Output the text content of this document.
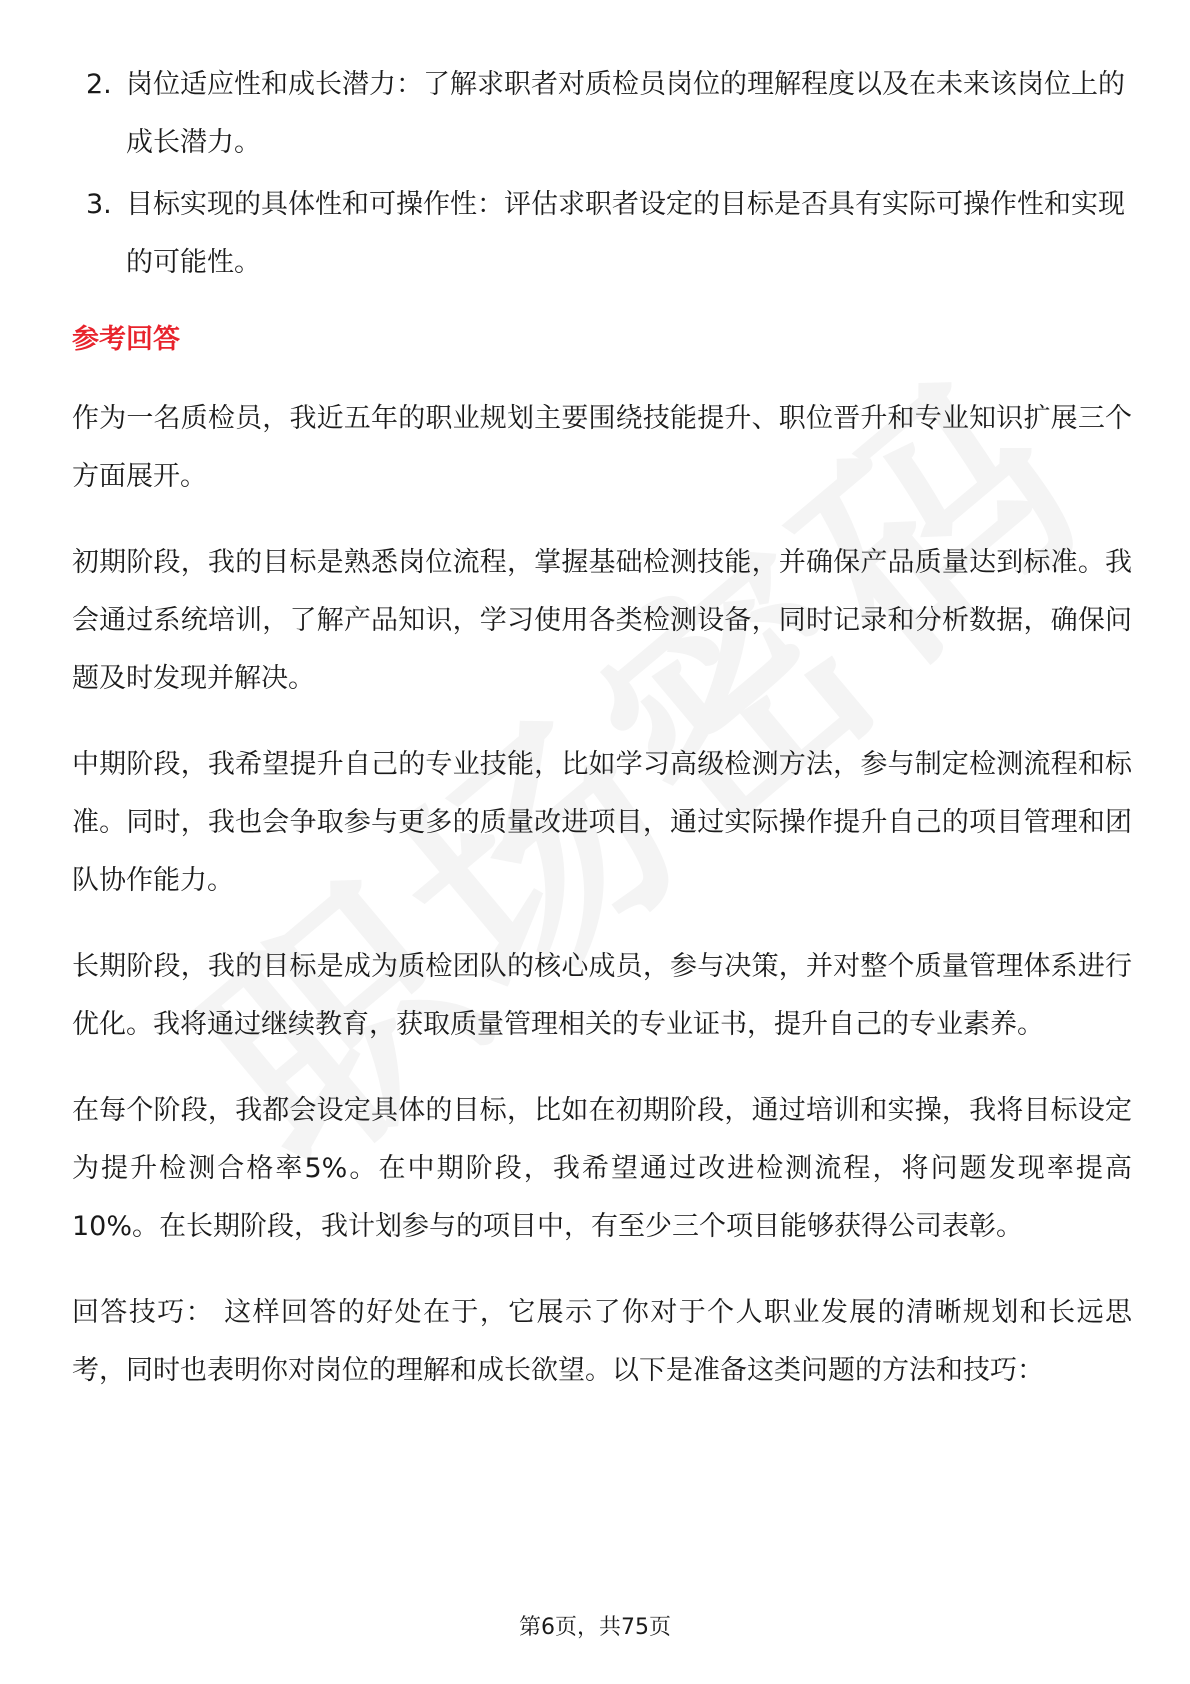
2. 岗位适应性和成长潜力：了解求职者对质检员岗位的理解程度以及在未来该岗位上的成长潜力。
3. 目标实现的具体性和可操作性：评估求职者设定的目标是否具有实际可操作性和实现的可能性。
参考回答

作为一名质检员，我近五年的职业规划主要围绕技能提升、职位晋升和专业知识扩展三个方面展开。

初期阶段，我的目标是熟悉岗位流程，掌握基础检测技能，并确保产品质量达到标准。我会通过系统培训，了解产品知识，学习使用各类检测设备，同时记录和分析数据，确保问题及时发现并解决。

中期阶段，我希望提升自己的专业技能，比如学习高级检测方法，参与制定检测流程和标准。同时，我也会争取参与更多的质量改进项目，通过实际操作提升自己的项目管理和团队协作能力。

长期阶段，我的目标是成为质检团队的核心成员，参与决策，并对整个质量管理体系进行优化。我将通过继续教育，获取质量管理相关的专业证书，提升自己的专业素养。

在每个阶段，我都会设定具体的目标，比如在初期阶段，通过培训和实操，我将目标设定为提升检测合格率5%。在中期阶段，我希望通过改进检测流程，将问题发现率提高10%。在长期阶段，我计划参与的项目中，有至少三个项目能够获得公司表彰。

回答技巧： 这样回答的好处在于，它展示了你对于个人职业发展的清晰规划和长远思考，同时也表明你对岗位的理解和成长欲望。以下是准备这类问题的方法和技巧：

第6页，共75页
